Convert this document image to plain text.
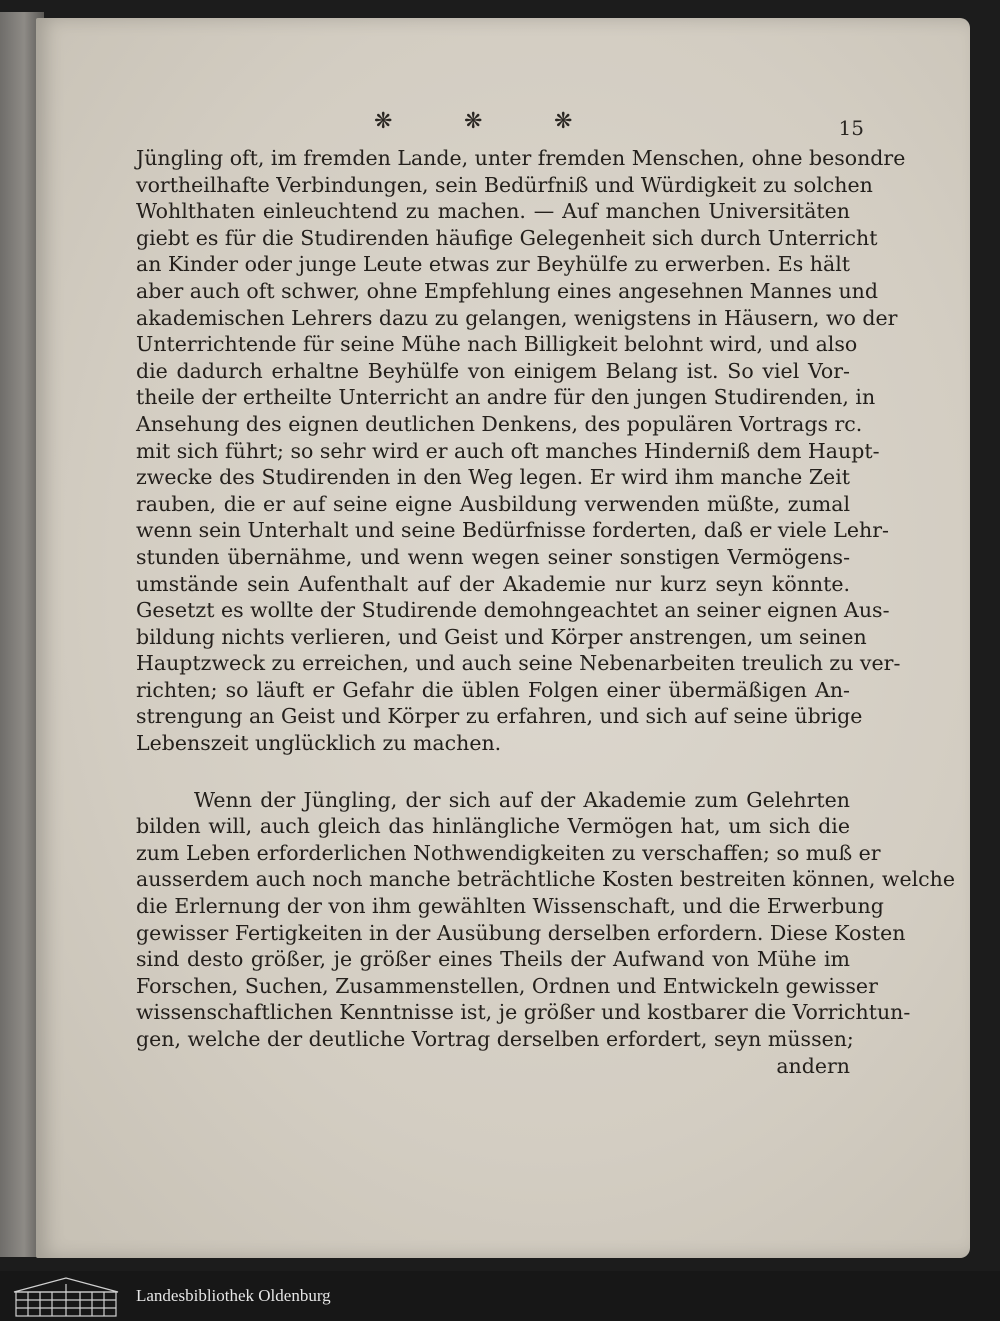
❋	❋	❋	15
Jüngling oft, im fremden Lande, unter fremden Menschen, ohne besondre
vortheilhafte Verbindungen, sein Bedürfniß und Würdigkeit zu solchen
Wohlthaten einleuchtend zu machen. — Auf manchen Universitäten
giebt es für die Studirenden häufige Gelegenheit sich durch Unterricht
an Kinder oder junge Leute etwas zur Beyhülfe zu erwerben. Es hält
aber auch oft schwer, ohne Empfehlung eines angesehnen Mannes und
akademischen Lehrers dazu zu gelangen, wenigstens in Häusern, wo der
Unterrichtende für seine Mühe nach Billigkeit belohnt wird, und also
die dadurch erhaltne Beyhülfe von einigem Belang ist. So viel Vor-
theile der ertheilte Unterricht an andre für den jungen Studirenden, in
Ansehung des eignen deutlichen Denkens, des populären Vortrags rc.
mit sich führt; so sehr wird er auch oft manches Hinderniß dem Haupt-
zwecke des Studirenden in den Weg legen. Er wird ihm manche Zeit
rauben, die er auf seine eigne Ausbildung verwenden müßte, zumal
wenn sein Unterhalt und seine Bedürfnisse forderten, daß er viele Lehr-
stunden übernähme, und wenn wegen seiner sonstigen Vermögens-
umstände sein Aufenthalt auf der Akademie nur kurz seyn könnte.
Gesetzt es wollte der Studirende demohngeachtet an seiner eignen Aus-
bildung nichts verlieren, und Geist und Körper anstrengen, um seinen
Hauptzweck zu erreichen, und auch seine Nebenarbeiten treulich zu ver-
richten; so läuft er Gefahr die üblen Folgen einer übermäßigen An-
strengung an Geist und Körper zu erfahren, und sich auf seine übrige
Lebenszeit unglücklich zu machen.
Wenn der Jüngling, der sich auf der Akademie zum Gelehrten
bilden will, auch gleich das hinlängliche Vermögen hat, um sich die
zum Leben erforderlichen Nothwendigkeiten zu verschaffen; so muß er
ausserdem auch noch manche beträchtliche Kosten bestreiten können, welche
die Erlernung der von ihm gewählten Wissenschaft, und die Erwerbung
gewisser Fertigkeiten in der Ausübung derselben erfordern. Diese Kosten
sind desto größer, je größer eines Theils der Aufwand von Mühe im
Forschen, Suchen, Zusammenstellen, Ordnen und Entwickeln gewisser
wissenschaftlichen Kenntnisse ist, je größer und kostbarer die Vorrichtun-
gen, welche der deutliche Vortrag derselben erfordert, seyn müssen;
andern
Landesbibliothek Oldenburg
